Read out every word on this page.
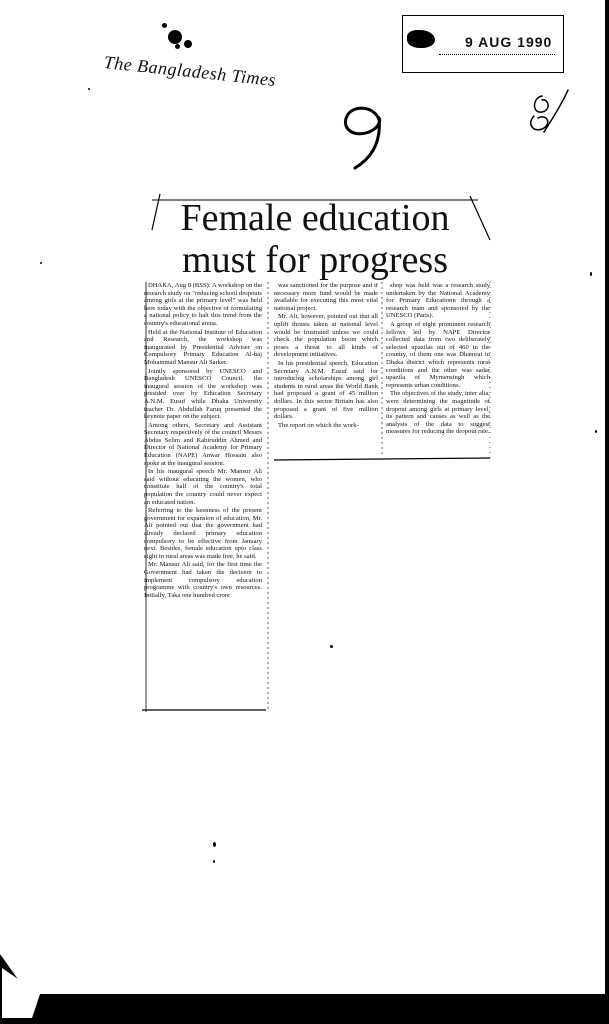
The Bangladesh Times
9 AUG 1990
Female education
must for progress

DHAKA, Aug 8 (BSS): A workshop on the research study on "reducing school dropouts among girls at the primary level" was held here today with the objective of formulating a national policy to halt this trend from the country's educational arena.

Held at the National Institute of Education and Research, the workshop was inaugurated by Presidential Adviser on Compulsory Primary Education Al-haj Mohammad Mansur Ali Sarker.

Jointly sponsored by UNESCO and Bangladesh UNESCO Council, the inaugural session of the workshop was presided over by Education Secretary A.N.M. Eusuf while Dhaka University teacher Dr. Abdullah Faruq presented the keynote paper on the subject.

Among others, Secretary and Assistant Secretary respectively of the council Messrs Abdus Selim and Kabiruddin Ahmed and Director of National Academy for Primary Education (NAPE) Anwar Hossain also spoke at the inaugural session.

In his inaugural speech Mr. Mansur Ali said without educating the women, who constitute half of the country's total population the country could never expect an educated nation.

Referring to the keenness of the present government for expansion of education, Mr. Ali pointed out that the government had already declared primary education compulsory to be effective from January next. Besides, female education upto class eight in rural areas was made free, he said.

Mr. Mansur Ali said, for the first time the Government had taken the decision to implement compulsory education programme with country's own resources. Initially, Taka one hundred crore

was sanctioned for the purpose and if necessary more fund would be made available for executing this most vital national project.

Mr. Ali, however, pointed out that all uplift thrusts taken at national level would be frustrated unless we could check the population boom which poses a threat to all kinds of development initiatives.

In his presidential speech, Education Secretary A.N.M. Eusuf said for introducing scholarships among girl students in rural areas the World Bank had proposed a grant of 45 million dollars. In this sector Britain has also proposed a grant of five million dollars.

The report on which the work-

shop was held was a research study undertaken by the National Academy for Primary Educationn through a research team and sponsored by the UNESCO (Paris).

A group of eight prominent research fellows led by NAPE Director collected data from two deliberately selected upazilas out of 460 in the country, of them one was Dhamrai in Dhaka district which represents rural conditions and the other was sadar upazila of Mymensingh which represents urban conditions.

The objectives of the study, inter alia, were determining the magnitude of dropout among girls at primary level, its pattern and causes as well as the analysis of the data to suggest measures for reducing the dropout rate.
